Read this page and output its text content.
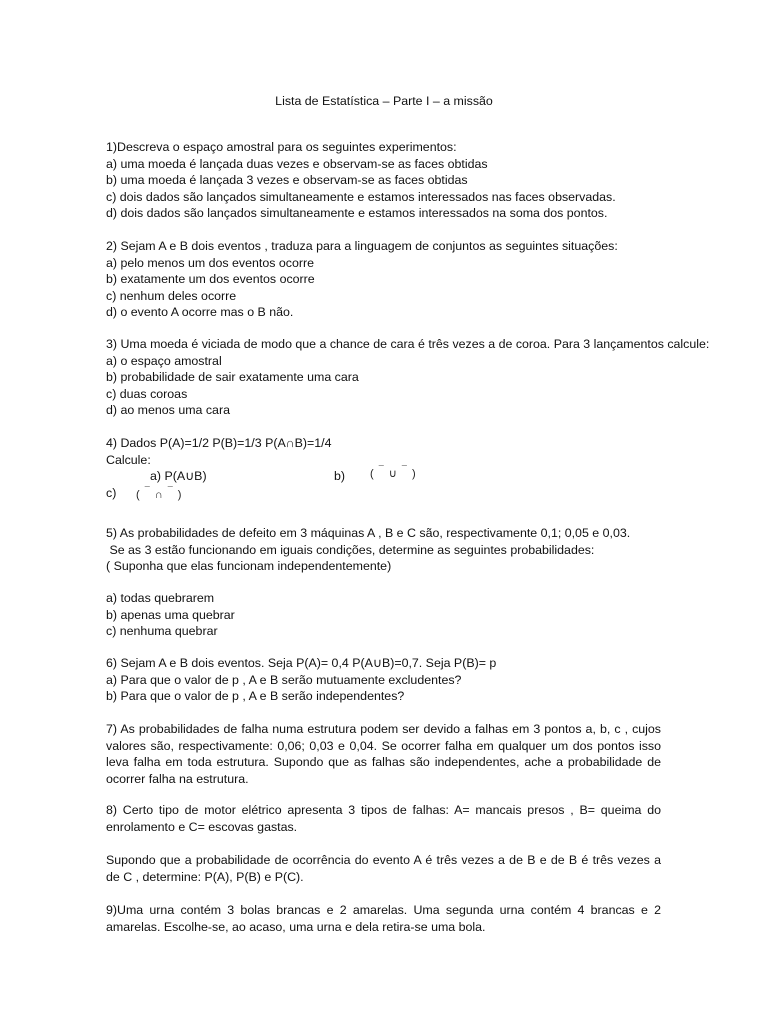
Lista de Estatística – Parte I – a missão
1)Descreva o espaço amostral para os seguintes experimentos:
a) uma moeda é lançada duas vezes e observam-se as faces obtidas
b) uma moeda é lançada 3 vezes e observam-se as faces obtidas
c) dois dados são lançados simultaneamente e estamos interessados nas faces observadas.
d) dois dados são lançados simultaneamente e estamos interessados na soma dos pontos.
2) Sejam A e B dois eventos , traduza para a linguagem de conjuntos as seguintes situações:
a) pelo menos um dos eventos ocorre
b) exatamente um dos eventos ocorre
c) nenhum deles ocorre
d) o evento A ocorre mas o B não.
3) Uma moeda é viciada de modo que a chance de cara é três vezes a de coroa. Para 3 lançamentos calcule:
a) o espaço amostral
b) probabilidade de sair exatamente uma cara
c) duas coroas
d) ao menos uma cara
4) Dados P(A)=1/2 P(B)=1/3 P(A∩B)=1/4
Calcule:
a) P(A∪B)	b) ( ¯ ∪ ¯ )
c) ( ¯ ∩ ¯ )
5) As probabilidades de defeito em 3 máquinas A , B e C são, respectivamente 0,1; 0,05 e 0,03.
Se as 3 estão funcionando em iguais condições, determine as seguintes probabilidades:
( Suponha que elas funcionam independentemente)
a) todas quebrarem
b) apenas uma quebrar
c) nenhuma quebrar
6) Sejam A e B dois eventos. Seja P(A)= 0,4 P(A∪B)=0,7. Seja P(B)= p
a) Para que o valor de p , A e B serão mutuamente excludentes?
b) Para que o valor de p , A e B serão independentes?
7) As probabilidades de falha numa estrutura podem ser devido a falhas em 3 pontos a, b, c , cujos valores são, respectivamente: 0,06; 0,03 e 0,04. Se ocorrer falha em qualquer um dos pontos isso leva falha em toda estrutura. Supondo que as falhas são independentes, ache a probabilidade de ocorrer falha na estrutura.
8) Certo tipo de motor elétrico apresenta 3 tipos de falhas: A= mancais presos , B= queima do enrolamento e C= escovas gastas.
Supondo que a probabilidade de ocorrência do evento A é três vezes a de B e de B é três vezes a de C , determine: P(A), P(B) e P(C).
9)Uma urna contém 3 bolas brancas e 2 amarelas. Uma segunda urna contém 4 brancas e 2 amarelas. Escolhe-se, ao acaso, uma urna e dela retira-se uma bola.
